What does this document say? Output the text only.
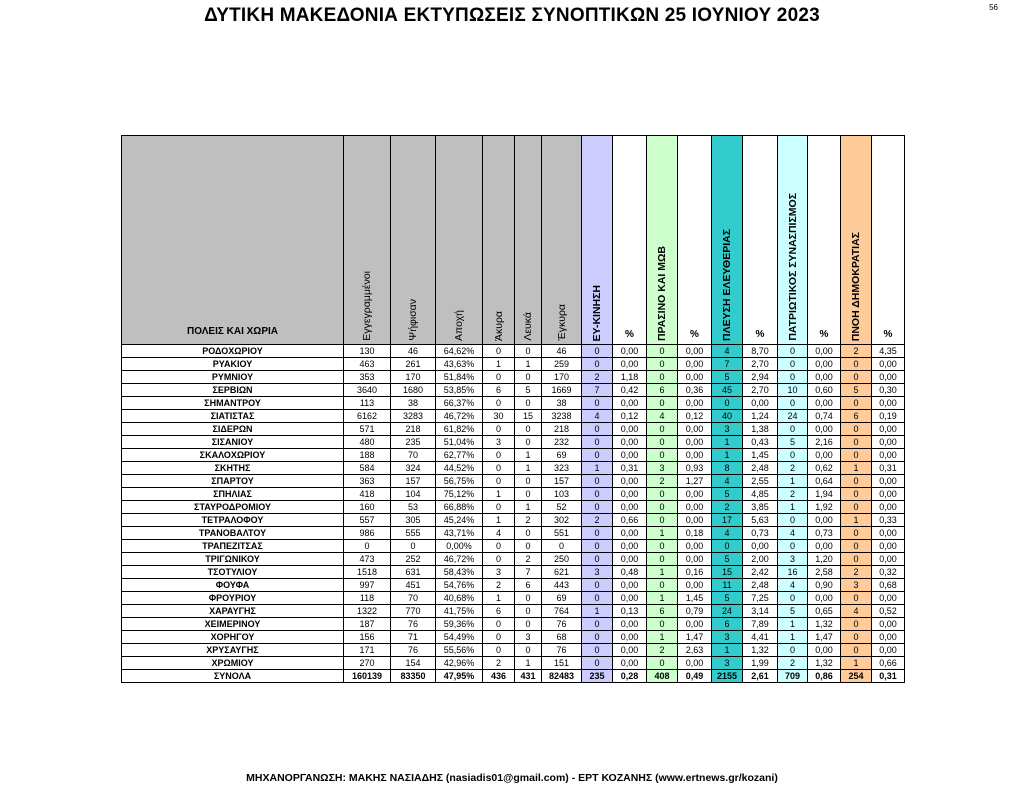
ΔΥΤΙΚΗ ΜΑΚΕΔΟΝΙΑ ΕΚΤΥΠΩΣΕΙΣ ΣΥΝΟΠΤΙΚΩΝ 25 ΙΟΥΝΙΟΥ 2023	56
ΠΟΛΕΙΣ ΚΑΙ ΧΩΡΙΑ	Εγγεγραμμένοι	Ψήφισαν	Αποχή	Άκυρα	Λευκά	Έγκυρα	ΕΥ-ΚΙΝΗΣΗ	%	ΠΡΑΣΙΝΟ ΚΑΙ ΜΩΒ	%	ΠΛΕΥΣΗ ΕΛΕΥΘΕΡΙΑΣ	%	ΠΑΤΡΙΩΤΙΚΟΣ ΣΥΝΑΣΠΙΣΜΟΣ	%	ΠΝΟΗ ΔΗΜΟΚΡΑΤΙΑΣ	%
ΡΟΔΟΧΩΡΙΟΥ	130	46	64,62%	0	0	46	0	0,00	0	0,00	4	8,70	0	0,00	2	4,35
ΡΥΑΚΙΟΥ	463	261	43,63%	1	1	259	0	0,00	0	0,00	7	2,70	0	0,00	0	0,00
ΡΥΜΝΙΟΥ	353	170	51,84%	0	0	170	2	1,18	0	0,00	5	2,94	0	0,00	0	0,00
ΣΕΡΒΙΩΝ	3640	1680	53,85%	6	5	1669	7	0,42	6	0,36	45	2,70	10	0,60	5	0,30
ΣΗΜΑΝΤΡΟΥ	113	38	66,37%	0	0	38	0	0,00	0	0,00	0	0,00	0	0,00	0	0,00
ΣΙΑΤΙΣΤΑΣ	6162	3283	46,72%	30	15	3238	4	0,12	4	0,12	40	1,24	24	0,74	6	0,19
ΣΙΔΕΡΩΝ	571	218	61,82%	0	0	218	0	0,00	0	0,00	3	1,38	0	0,00	0	0,00
ΣΙΣΑΝΙΟΥ	480	235	51,04%	3	0	232	0	0,00	0	0,00	1	0,43	5	2,16	0	0,00
ΣΚΑΛΟΧΩΡΙΟΥ	188	70	62,77%	0	1	69	0	0,00	0	0,00	1	1,45	0	0,00	0	0,00
ΣΚΗΤΗΣ	584	324	44,52%	0	1	323	1	0,31	3	0,93	8	2,48	2	0,62	1	0,31
ΣΠΑΡΤΟΥ	363	157	56,75%	0	0	157	0	0,00	2	1,27	4	2,55	1	0,64	0	0,00
ΣΠΗΛΙΑΣ	418	104	75,12%	1	0	103	0	0,00	0	0,00	5	4,85	2	1,94	0	0,00
ΣΤΑΥΡΟΔΡΟΜΙΟΥ	160	53	66,88%	0	1	52	0	0,00	0	0,00	2	3,85	1	1,92	0	0,00
ΤΕΤΡΑΛΟΦΟΥ	557	305	45,24%	1	2	302	2	0,66	0	0,00	17	5,63	0	0,00	1	0,33
ΤΡΑΝΟΒΑΛΤΟΥ	986	555	43,71%	4	0	551	0	0,00	1	0,18	4	0,73	4	0,73	0	0,00
ΤΡΑΠΕΖΙΤΣΑΣ	0	0	0,00%	0	0	0	0	0,00	0	0,00	0	0,00	0	0,00	0	0,00
ΤΡΙΓΩΝΙΚΟΥ	473	252	46,72%	0	2	250	0	0,00	0	0,00	5	2,00	3	1,20	0	0,00
ΤΣΟΤΥΛΙΟΥ	1518	631	58,43%	3	7	621	3	0,48	1	0,16	15	2,42	16	2,58	2	0,32
ΦΟΥΦΑ	997	451	54,76%	2	6	443	0	0,00	0	0,00	11	2,48	4	0,90	3	0,68
ΦΡΟΥΡΙΟΥ	118	70	40,68%	1	0	69	0	0,00	1	1,45	5	7,25	0	0,00	0	0,00
ΧΑΡΑΥΓΗΣ	1322	770	41,75%	6	0	764	1	0,13	6	0,79	24	3,14	5	0,65	4	0,52
ΧΕΙΜΕΡΙΝΟΥ	187	76	59,36%	0	0	76	0	0,00	0	0,00	6	7,89	1	1,32	0	0,00
ΧΟΡΗΓΟΥ	156	71	54,49%	0	3	68	0	0,00	1	1,47	3	4,41	1	1,47	0	0,00
ΧΡΥΣΑΥΓΗΣ	171	76	55,56%	0	0	76	0	0,00	2	2,63	1	1,32	0	0,00	0	0,00
ΧΡΩΜΙΟΥ	270	154	42,96%	2	1	151	0	0,00	0	0,00	3	1,99	2	1,32	1	0,66
ΣΥΝΟΛΑ	160139	83350	47,95%	436	431	82483	235	0,28	408	0,49	2155	2,61	709	0,86	254	0,31
ΜΗΧΑΝΟΡΓΑΝΩΣΗ: ΜΑΚΗΣ ΝΑΣΙΑΔΗΣ (nasiadis01@gmail.com) - ΕΡΤ ΚΟΖΑΝΗΣ (www.ertnews.gr/kozani)
